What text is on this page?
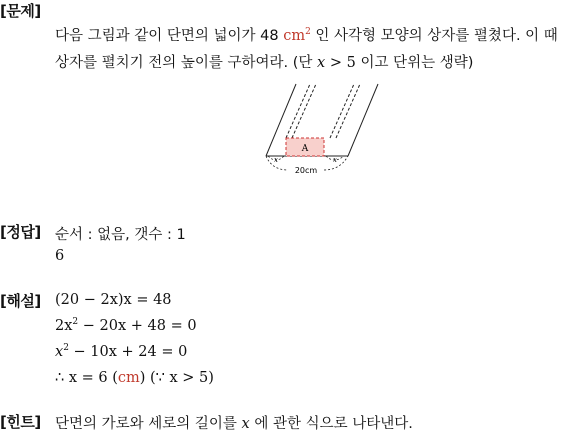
[문제]
다음 그림과 같이 단면의 넓이가 48 $cm^2$ 인 사각형 모양의 상자를 펼쳤다. 이 때
상자를 펼치기 전의 높이를 구하여라. (단 x > 5 이고 단위는 생략)
A
x	x
20cm
[정답] 순서 : 없음, 갯수 : 1
6
[해설] (20 − 2x)x = 48
$2x^2 - 20x + 48 = 0$
$x^2 - 10x + 24 = 0$
∴ x = 6 (cm) (∵ x > 5)
[힌트] 단면의 가로와 세로의 길이를 x 에 관한 식으로 나타낸다.
